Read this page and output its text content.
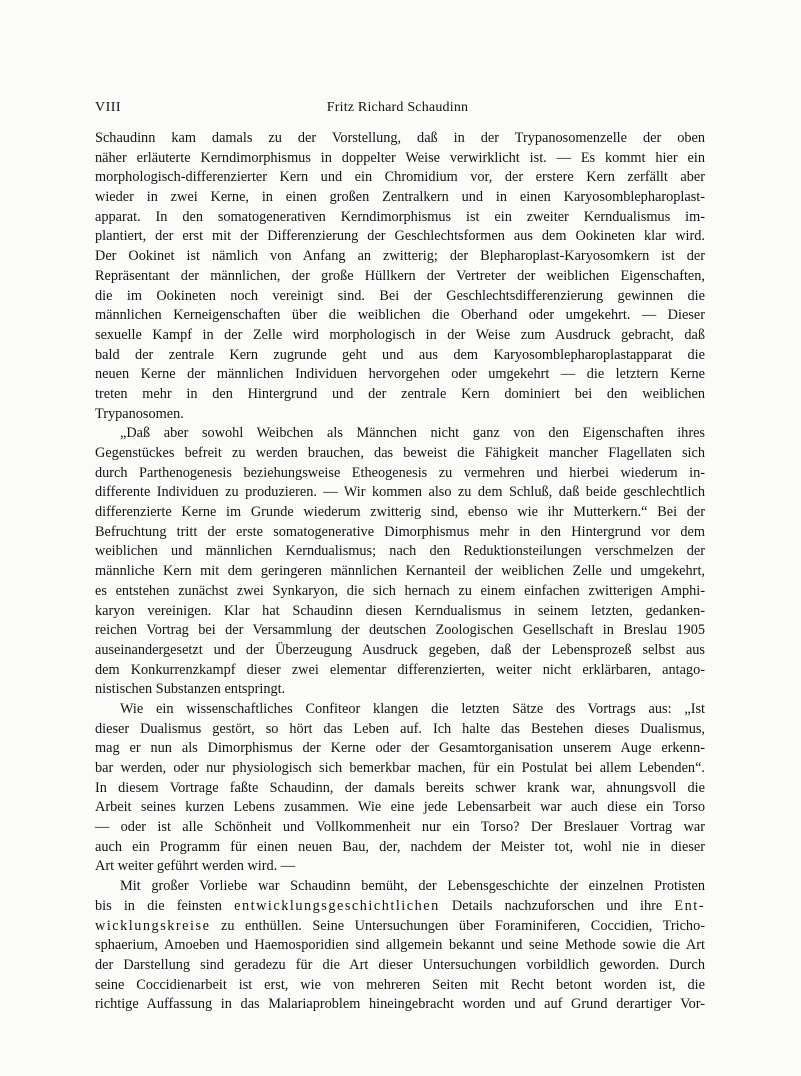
VIII	Fritz Richard Schaudinn
Schaudinn kam damals zu der Vorstellung, daß in der Trypanosomenzelle der oben
näher erläuterte Kerndimorphismus in doppelter Weise verwirklicht ist. — Es kommt hier ein
morphologisch-differenzierter Kern und ein Chromidium vor, der erstere Kern zerfällt aber
wieder in zwei Kerne, in einen großen Zentralkern und in einen Karyosomblepharoplast-
apparat. In den somatogenerativen Kerndimorphismus ist ein zweiter Kerndualismus im-
plantiert, der erst mit der Differenzierung der Geschlechtsformen aus dem Ookineten klar wird.
Der Ookinet ist nämlich von Anfang an zwitterig; der Blepharoplast-Karyosomkern ist der
Repräsentant der männlichen, der große Hüllkern der Vertreter der weiblichen Eigenschaften,
die im Ookineten noch vereinigt sind. Bei der Geschlechtsdifferenzierung gewinnen die
männlichen Kerneigenschaften über die weiblichen die Oberhand oder umgekehrt. — Dieser
sexuelle Kampf in der Zelle wird morphologisch in der Weise zum Ausdruck gebracht, daß
bald der zentrale Kern zugrunde geht und aus dem Karyosomblepharoplastapparat die
neuen Kerne der männlichen Individuen hervorgehen oder umgekehrt — die letztern Kerne
treten mehr in den Hintergrund und der zentrale Kern dominiert bei den weiblichen
Trypanosomen.
„Daß aber sowohl Weibchen als Männchen nicht ganz von den Eigenschaften ihres
Gegenstückes befreit zu werden brauchen, das beweist die Fähigkeit mancher Flagellaten sich
durch Parthenogenesis beziehungsweise Etheogenesis zu vermehren und hierbei wiederum in-
differente Individuen zu produzieren. — Wir kommen also zu dem Schluß, daß beide geschlechtlich
differenzierte Kerne im Grunde wiederum zwitterig sind, ebenso wie ihr Mutterkern.“ Bei der
Befruchtung tritt der erste somatogenerative Dimorphismus mehr in den Hintergrund vor dem
weiblichen und männlichen Kerndualismus; nach den Reduktionsteilungen verschmelzen der
männliche Kern mit dem geringeren männlichen Kernanteil der weiblichen Zelle und umgekehrt,
es entstehen zunächst zwei Synkaryon, die sich hernach zu einem einfachen zwitterigen Amphi-
karyon vereinigen. Klar hat Schaudinn diesen Kerndualismus in seinem letzten, gedanken-
reichen Vortrag bei der Versammlung der deutschen Zoologischen Gesellschaft in Breslau 1905
auseinandergesetzt und der Überzeugung Ausdruck gegeben, daß der Lebensprozeß selbst aus
dem Konkurrenzkampf dieser zwei elementar differenzierten, weiter nicht erklärbaren, antago-
nistischen Substanzen entspringt.
Wie ein wissenschaftliches Confiteor klangen die letzten Sätze des Vortrags aus: „Ist
dieser Dualismus gestört, so hört das Leben auf. Ich halte das Bestehen dieses Dualismus,
mag er nun als Dimorphismus der Kerne oder der Gesamtorganisation unserem Auge erkenn-
bar werden, oder nur physiologisch sich bemerkbar machen, für ein Postulat bei allem Lebenden“.
In diesem Vortrage faßte Schaudinn, der damals bereits schwer krank war, ahnungsvoll die
Arbeit seines kurzen Lebens zusammen. Wie eine jede Lebensarbeit war auch diese ein Torso
— oder ist alle Schönheit und Vollkommenheit nur ein Torso? Der Breslauer Vortrag war
auch ein Programm für einen neuen Bau, der, nachdem der Meister tot, wohl nie in dieser
Art weiter geführt werden wird. —
Mit großer Vorliebe war Schaudinn bemüht, der Lebensgeschichte der einzelnen Protisten
bis in die feinsten entwicklungsgeschichtlichen Details nachzuforschen und ihre Ent-
wicklungskreise zu enthüllen. Seine Untersuchungen über Foraminiferen, Coccidien, Tricho-
sphaerium, Amoeben und Haemosporidien sind allgemein bekannt und seine Methode sowie die Art
der Darstellung sind geradezu für die Art dieser Untersuchungen vorbildlich geworden. Durch
seine Coccidienarbeit ist erst, wie von mehreren Seiten mit Recht betont worden ist, die
richtige Auffassung in das Malariaproblem hineingebracht worden und auf Grund derartiger Vor-
